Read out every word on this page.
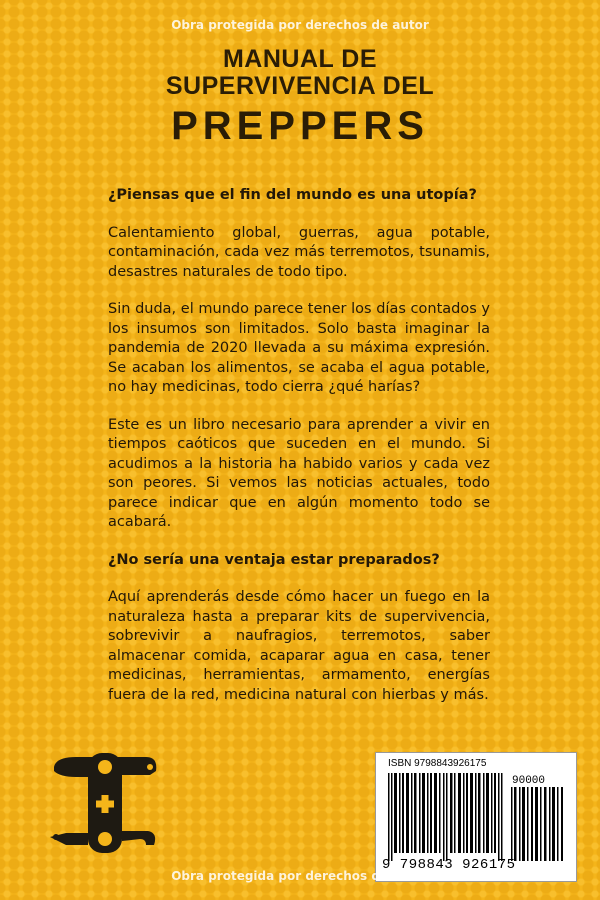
Obra protegida por derechos de autor
MANUAL DE
SUPERVIVENCIA DEL
PREPPERS

¿Piensas que el fin del mundo es una utopía?

Calentamiento global, guerras, agua potable, contaminación, cada vez más terremotos, tsunamis, desastres naturales de todo tipo.

Sin duda, el mundo parece tener los días contados y los insumos son limitados. Solo basta imaginar la pandemia de 2020 llevada a su máxima expresión. Se acaban los alimentos, se acaba el agua potable, no hay medicinas, todo cierra ¿qué harías?

Este es un libro necesario para aprender a vivir en tiempos caóticos que suceden en el mundo. Si acudimos a la historia ha habido varios y cada vez son peores. Si vemos las noticias actuales, todo parece indicar que en algún momento todo se acabará.

¿No sería una ventaja estar preparados?

Aquí aprenderás desde cómo hacer un fuego en la naturaleza hasta a preparar kits de supervivencia, sobrevivir a naufragios, terremotos, saber almacenar comida, acaparar agua en casa, tener medicinas, herramientas, armamento, energías fuera de la red, medicina natural con hierbas y más.

ISBN 9798843926175
90000
9 798843 926175
Obra protegida por derechos de autor
